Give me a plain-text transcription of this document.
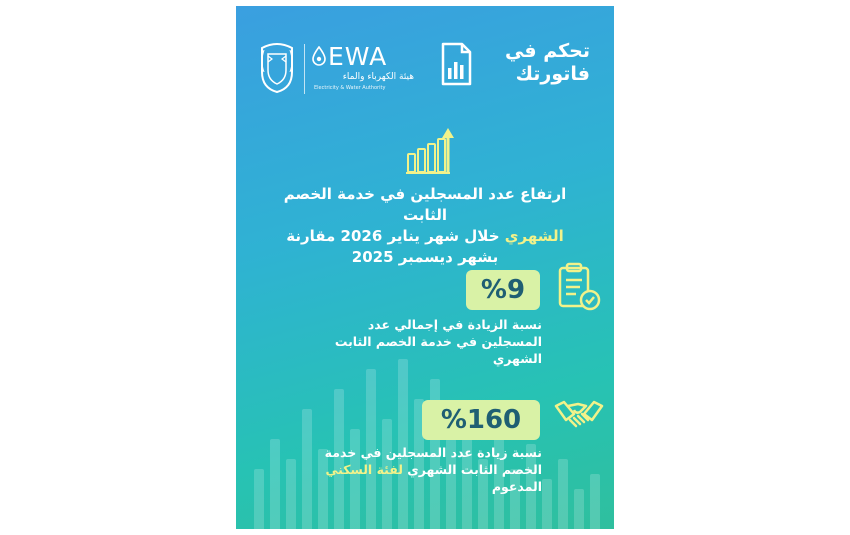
تحكم في
فاتورتك
EWA
هيئة الكهرباء والماء
Electricity & Water Authority
ارتفاع عدد المسجلين في خدمة الخصم الثابت
الشهري خلال شهر يناير 2026 مقارنة
بشهر ديسمبر 2025
%9
نسبة الزيادة في إجمالي عدد
المسجلين في خدمة الخصم الثابت
الشهري
%160
نسبة زيادة عدد المسجلين في خدمة
الخصم الثابت الشهري لفئة السكني
المدعوم
